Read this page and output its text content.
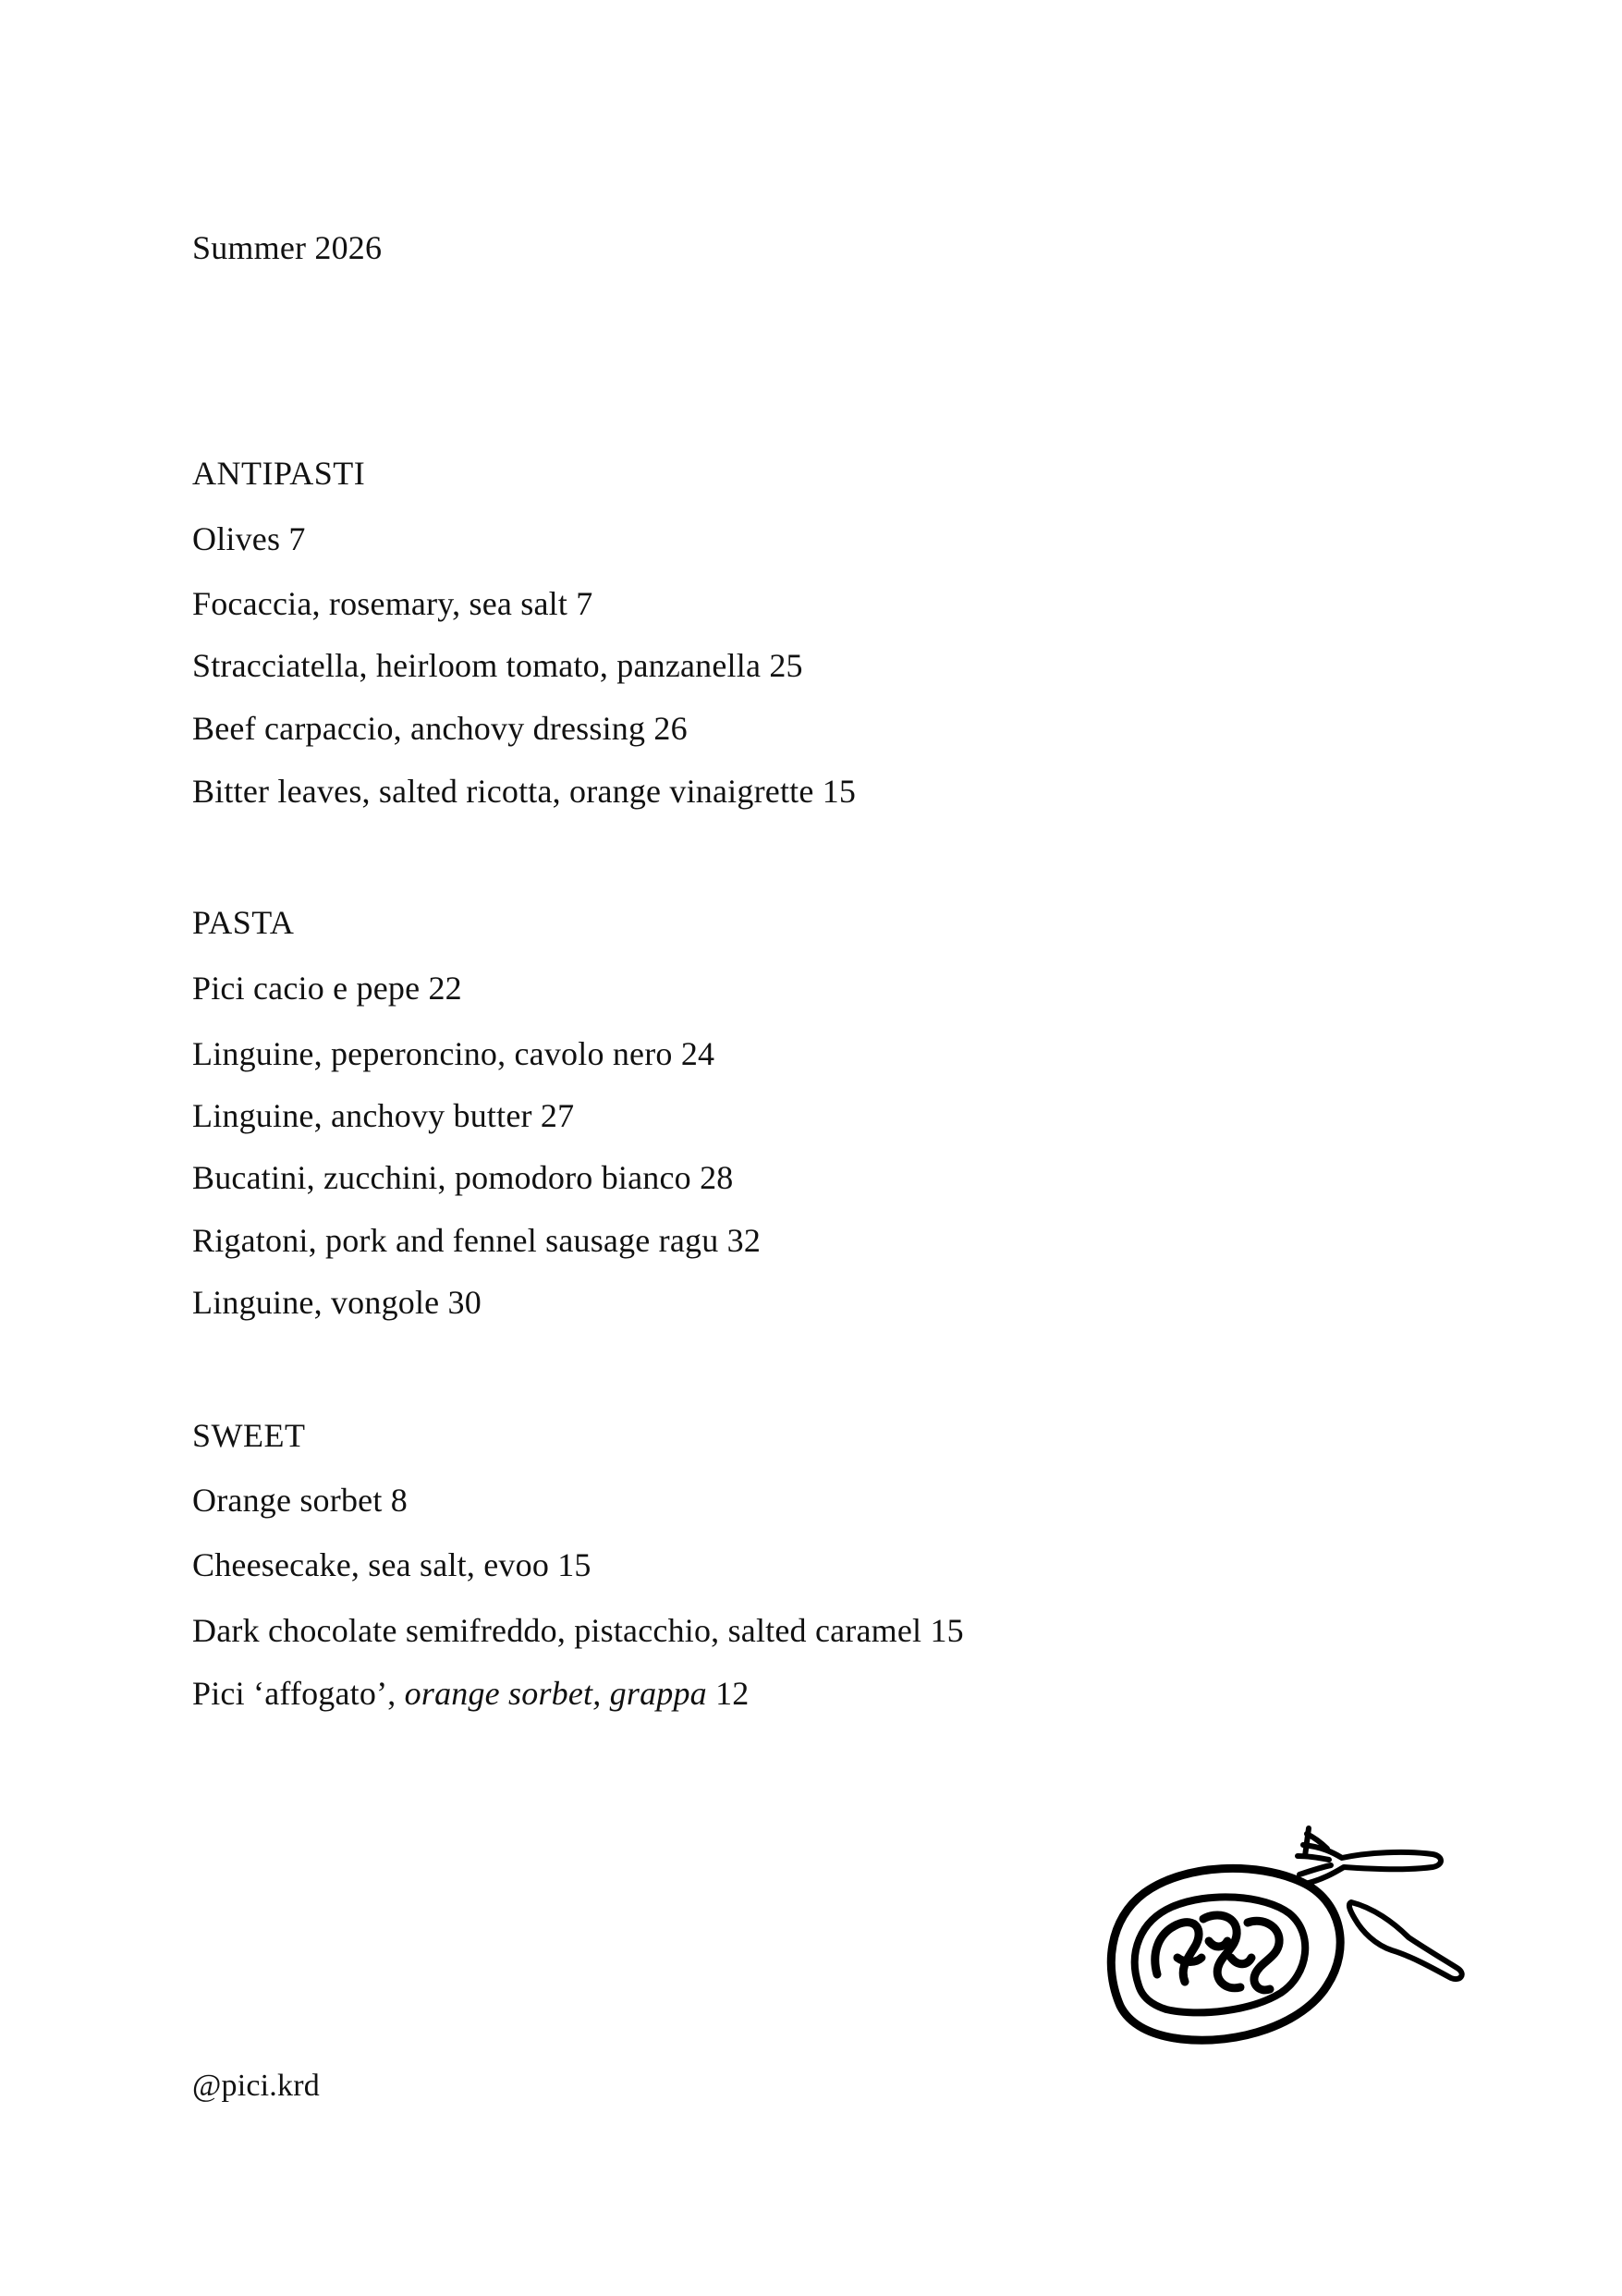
Summer 2026
ANTIPASTI
Olives 7
Focaccia, rosemary, sea salt 7
Stracciatella, heirloom tomato, panzanella 25
Beef carpaccio, anchovy dressing 26
Bitter leaves, salted ricotta, orange vinaigrette 15
PASTA
Pici cacio e pepe 22
Linguine, peperoncino, cavolo nero 24
Linguine, anchovy butter 27
Bucatini, zucchini, pomodoro bianco 28
Rigatoni, pork and fennel sausage ragu 32
Linguine, vongole 30
SWEET
Orange sorbet 8
Cheesecake, sea salt, evoo 15
Dark chocolate semifreddo, pistacchio, salted caramel 15
Pici ‘affogato’, orange sorbet, grappa 12
@pici.krd
